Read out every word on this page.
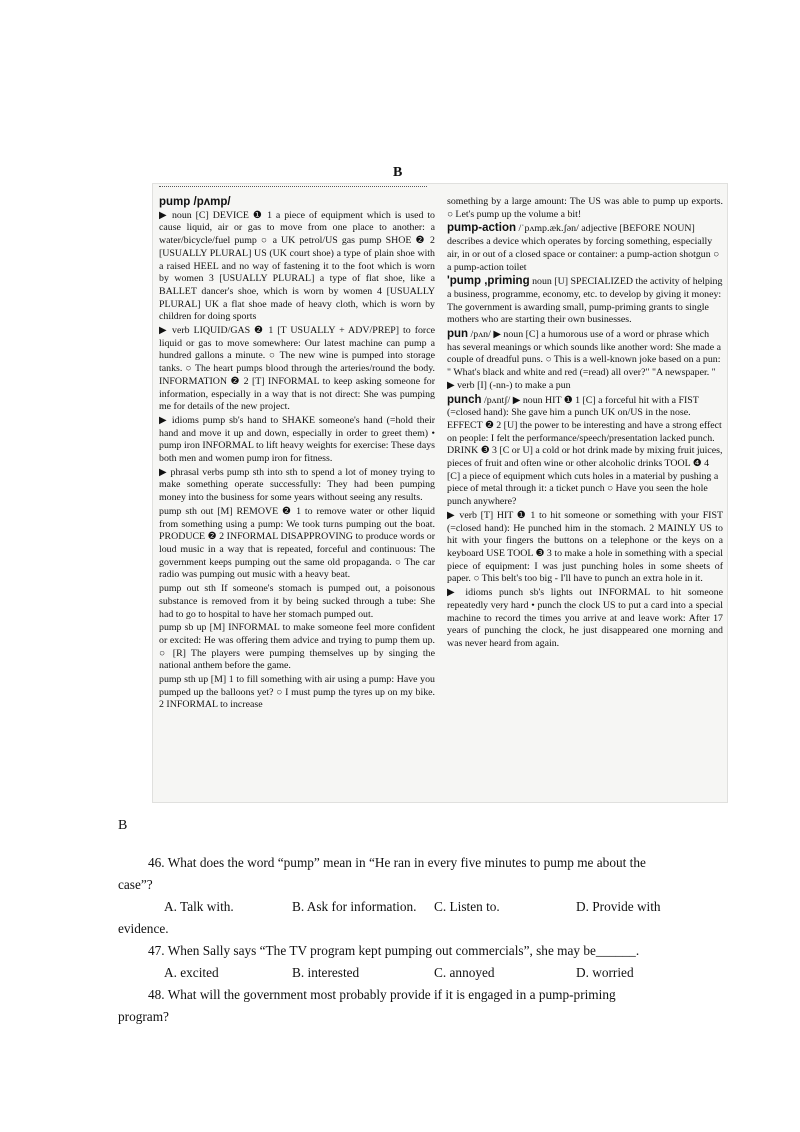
B
pump /pʌmp/
▶ noun [C] DEVICE ❶ 1 a piece of equipment which is used to cause liquid, air or gas to move from one place to another: a water/bicycle/fuel pump ○ a UK petrol/US gas pump SHOE ❷ 2 [USUALLY PLURAL] US (UK court shoe) a type of plain shoe with a raised HEEL and no way of fastening it to the foot which is worn by women 3 [USUALLY PLURAL] a type of flat shoe, like a BALLET dancer's shoe, which is worn by women 4 [USUALLY PLURAL] UK a flat shoe made of heavy cloth, which is worn by children for doing sports
▶ verb LIQUID/GAS ❷ 1 [T USUALLY + ADV/PREP] to force liquid or gas to move somewhere: Our latest machine can pump a hundred gallons a minute. ○ The new wine is pumped into storage tanks. ○ The heart pumps blood through the arteries/round the body. INFORMATION ❷ 2 [T] INFORMAL to keep asking someone for information, especially in a way that is not direct: She was pumping me for details of the new project.
▶ idioms pump sb's hand to SHAKE someone's hand (=hold their hand and move it up and down, especially in order to greet them) • pump iron INFORMAL to lift heavy weights for exercise: These days both men and women pump iron for fitness.
▶ phrasal verbs pump sth into sth to spend a lot of money trying to make something operate successfully: They had been pumping money into the business for some years without seeing any results.
pump sth out [M] REMOVE ❷ 1 to remove water or other liquid from something using a pump: We took turns pumping out the boat. PRODUCE ❷ 2 INFORMAL DISAPPROVING to produce words or loud music in a way that is repeated, forceful and continuous: The government keeps pumping out the same old propaganda. ○ The car radio was pumping out music with a heavy beat.
pump out sth If someone's stomach is pumped out, a poisonous substance is removed from it by being sucked through a tube: She had to go to hospital to have her stomach pumped out.
pump sb up [M] INFORMAL to make someone feel more confident or excited: He was offering them advice and trying to pump them up. ○ [R] The players were pumping themselves up by singing the national anthem before the game.
pump sth up [M] 1 to fill something with air using a pump: Have you pumped up the balloons yet? ○ I must pump the tyres up on my bike. 2 INFORMAL to increase
something by a large amount: The US was able to pump up exports. ○ Let's pump up the volume a bit!
pump-action /ˈpʌmp.æk.ʃən/ adjective [BEFORE NOUN] describes a device which operates by forcing something, especially air, in or out of a closed space or container: a pump-action shotgun ○ a pump-action toilet
'pump ,priming noun [U] SPECIALIZED the activity of helping a business, programme, economy, etc. to develop by giving it money: The government is awarding small, pump-priming grants to single mothers who are starting their own businesses.
pun /pʌn/ ▶ noun [C] a humorous use of a word or phrase which has several meanings or which sounds like another word: She made a couple of dreadful puns. ○ This is a well-known joke based on a pun: " What's black and white and red (=read) all over?" "A newspaper. " ▶ verb [I] (-nn-) to make a pun
punch /pʌntʃ/ ▶ noun HIT ❶ 1 [C] a forceful hit with a FIST (=closed hand): She gave him a punch UK on/US in the nose. EFFECT ❷ 2 [U] the power to be interesting and have a strong effect on people: I felt the performance/speech/presentation lacked punch. DRINK ❸ 3 [C or U] a cold or hot drink made by mixing fruit juices, pieces of fruit and often wine or other alcoholic drinks TOOL ❹ 4 [C] a piece of equipment which cuts holes in a material by pushing a piece of metal through it: a ticket punch ○ Have you seen the hole punch anywhere?
▶ verb [T] HIT ❶ 1 to hit someone or something with your FIST (=closed hand): He punched him in the stomach. 2 MAINLY US to hit with your fingers the buttons on a telephone or the keys on a keyboard USE TOOL ❸ 3 to make a hole in something with a special piece of equipment: I was just punching holes in some sheets of paper. ○ This belt's too big - I'll have to punch an extra hole in it.
▶ idioms punch sb's lights out INFORMAL to hit someone repeatedly very hard • punch the clock US to put a card into a special machine to record the times you arrive at and leave work: After 17 years of punching the clock, he just disappeared one morning and was never heard from again.
B

46. What does the word “pump” mean in “He ran in every five minutes to pump me about the

case”?

A. Talk with.	B. Ask for information.	C. Listen to.	D. Provide with

evidence.

47. When Sally says “The TV program kept pumping out commercials”, she may be______.

A. excited	B. interested	C. annoyed	D. worried

48. What will the government most probably provide if it is engaged in a pump-priming

program?
